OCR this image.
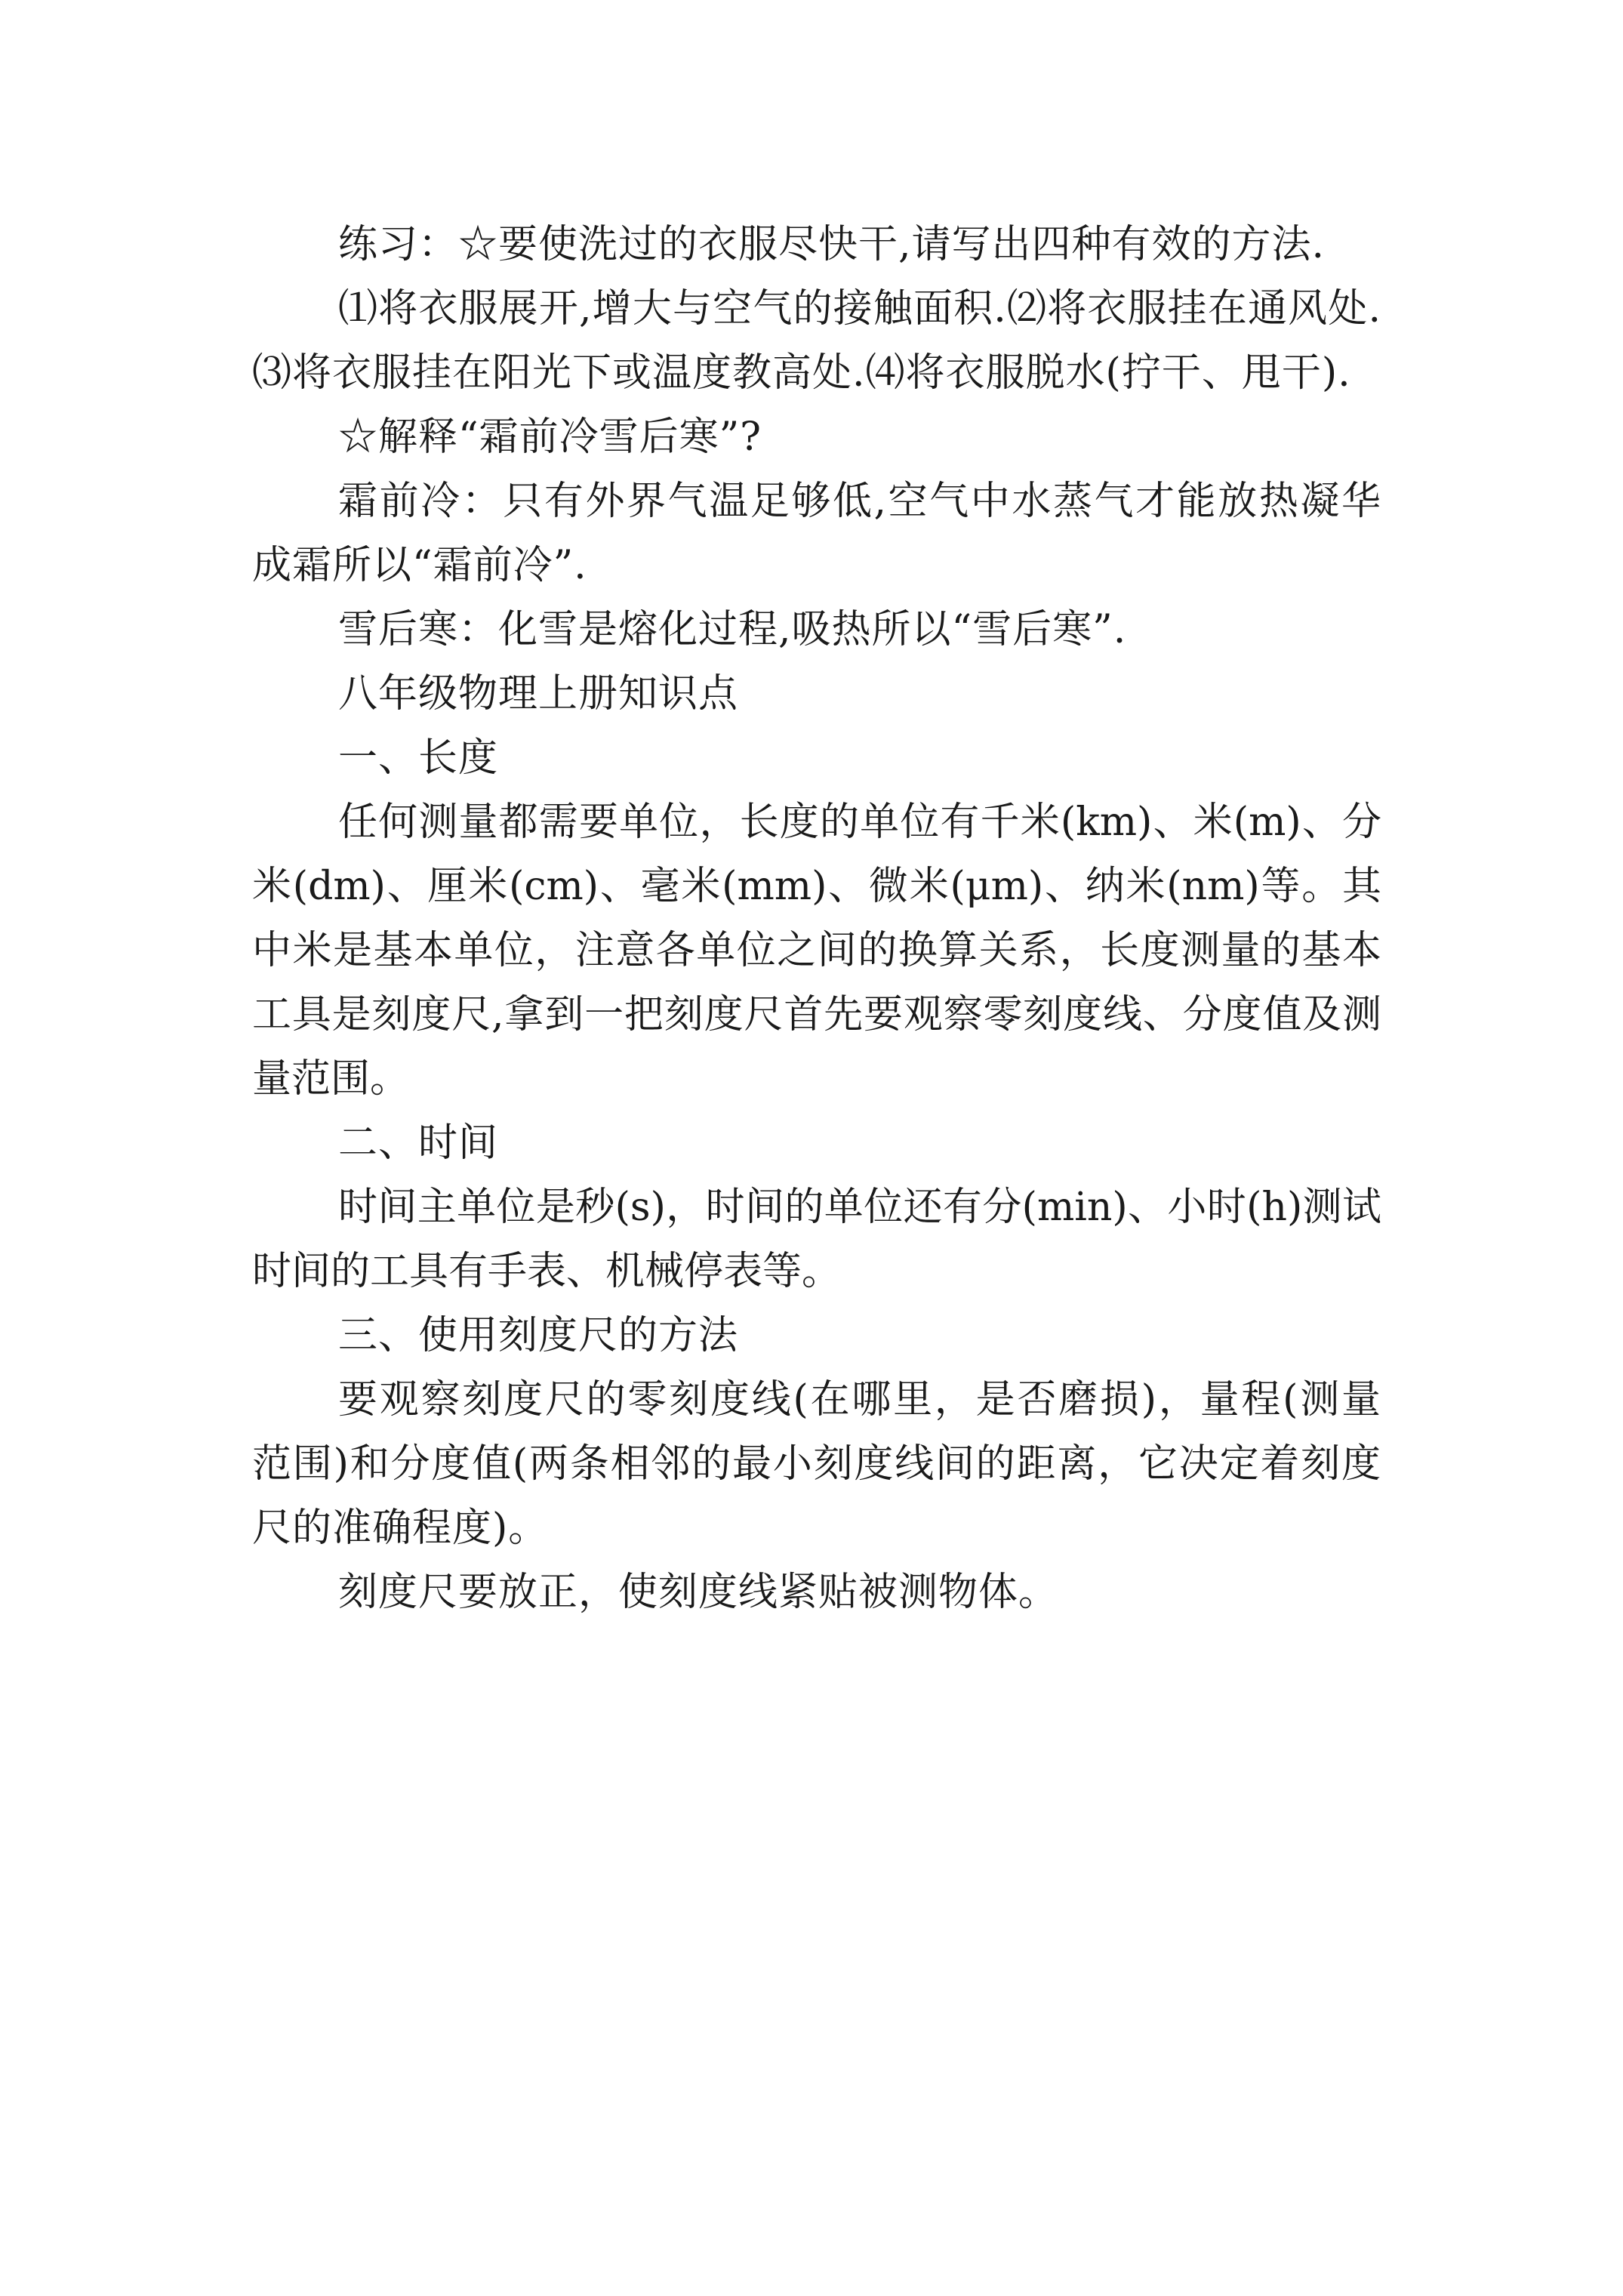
练习：☆要使洗过的衣服尽快干,请写出四种有效的方法.

⑴将衣服展开,增大与空气的接触面积.⑵将衣服挂在通风处.⑶将衣服挂在阳光下或温度教高处.⑷将衣服脱水(拧干、甩干).

☆解释“霜前冷雪后寒”?

霜前冷：只有外界气温足够低,空气中水蒸气才能放热凝华成霜所以“霜前冷”.

雪后寒：化雪是熔化过程,吸热所以“雪后寒”.

八年级物理上册知识点

一、长度

任何测量都需要单位，长度的单位有千米(km)、米(m)、分米(dm)、厘米(cm)、毫米(mm)、微米(μm)、纳米(nm)等。其中米是基本单位，注意各单位之间的换算关系，长度测量的基本工具是刻度尺,拿到一把刻度尺首先要观察零刻度线、分度值及测量范围。

二、时间

时间主单位是秒(s)，时间的单位还有分(min)、小时(h)测试时间的工具有手表、机械停表等。

三、使用刻度尺的方法

要观察刻度尺的零刻度线(在哪里，是否磨损)，量程(测量范围)和分度值(两条相邻的最小刻度线间的距离，它决定着刻度尺的准确程度)。

刻度尺要放正，使刻度线紧贴被测物体。
